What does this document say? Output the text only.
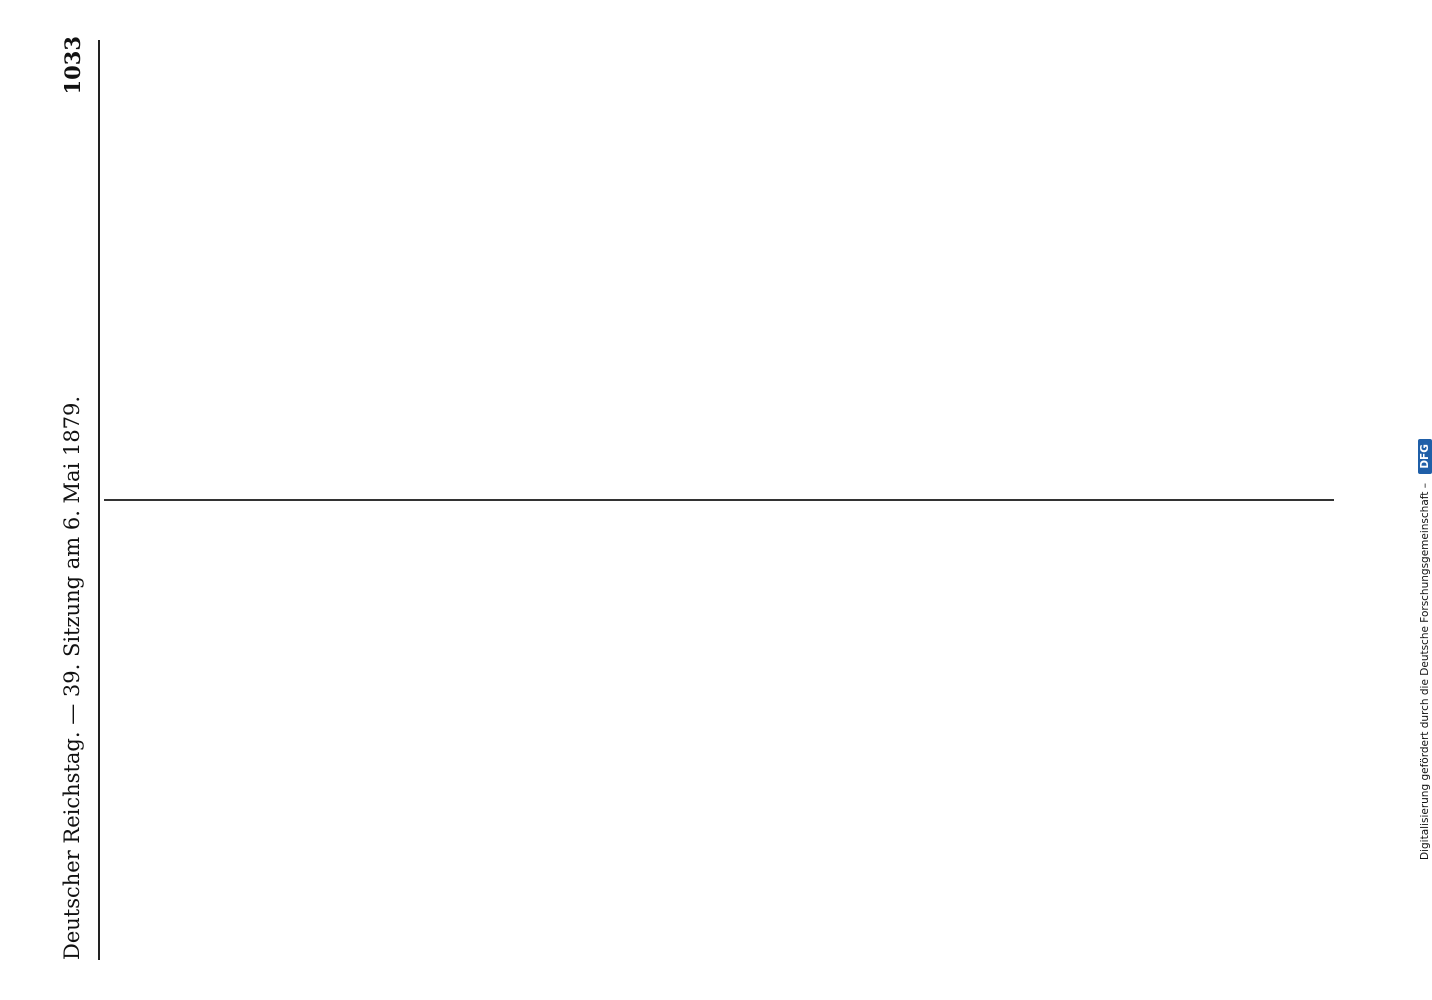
Deutscher Reichstag. — 39. Sitzung am 6. Mai 1879.
1033
Digitalisierung gefördert durch die Deutsche Forschungsgemeinschaft – DFG
